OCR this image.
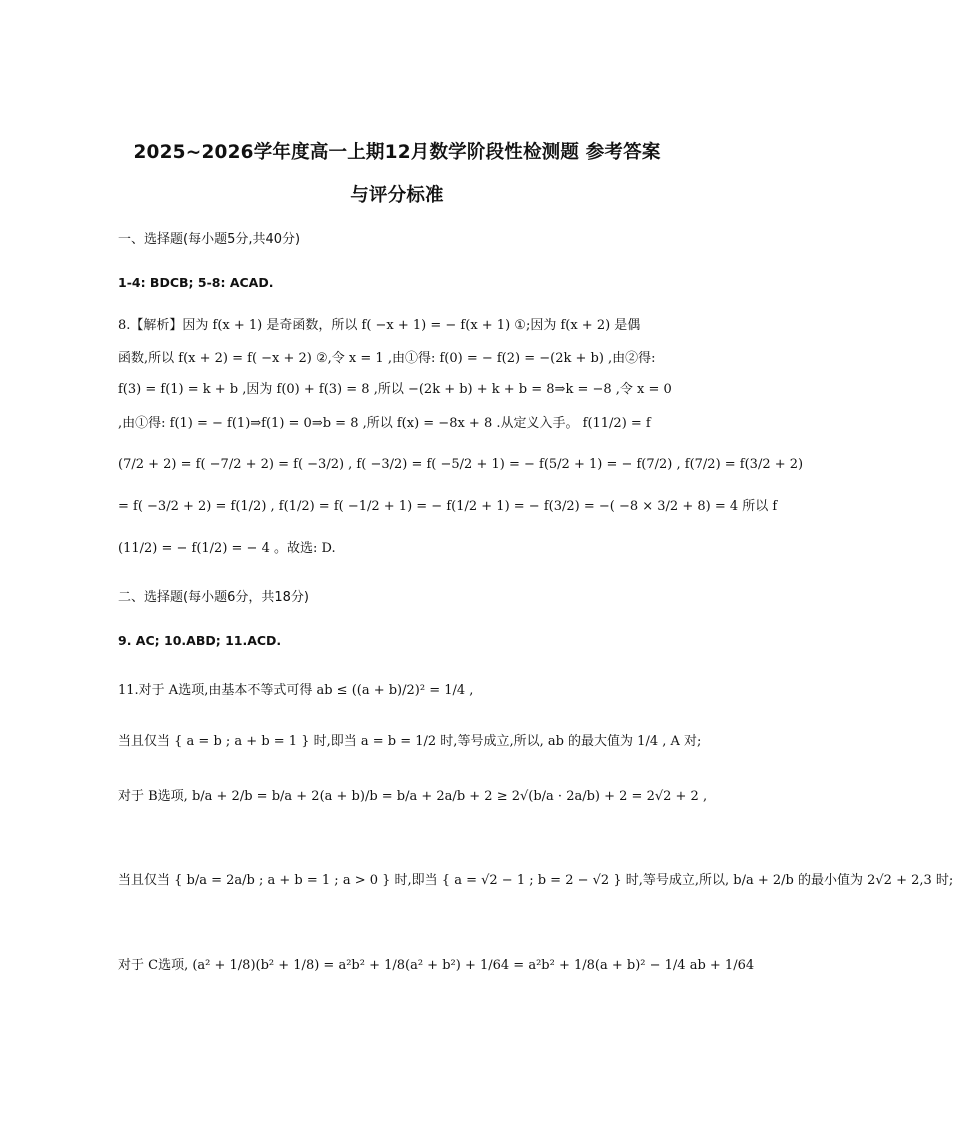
2025~2026学年度高一上期12月数学阶段性检测题 参考答案
与评分标准
一、选择题(每小题5分,共40分)
1-4: BDCB; 5-8: ACAD.
8.【解析】因为 f(x + 1) 是奇函数，所以 f( −x + 1) = − f(x + 1) ①;因为 f(x + 2) 是偶
函数,所以 f(x + 2) = f( −x + 2) ②,令 x = 1 ,由①得: f(0) = − f(2) = −(2k + b) ,由②得:
f(3) = f(1) = k + b ,因为 f(0) + f(3) = 8 ,所以 −(2k + b) + k + b = 8⇒k = −8 ,令 x = 0
,由①得: f(1) = − f(1)⇒f(1) = 0⇒b = 8 ,所以 f(x) = −8x + 8 .从定义入手。 f(11/2) = f
(7/2 + 2) = f( −7/2 + 2) = f( −3/2) , f( −3/2) = f( −5/2 + 1) = − f(5/2 + 1) = − f(7/2) , f(7/2) = f(3/2 + 2)
= f( −3/2 + 2) = f(1/2) , f(1/2) = f( −1/2 + 1) = − f(1/2 + 1) = − f(3/2) = −( −8 × 3/2 + 8) = 4 所以 f
(11/2) = − f(1/2) = − 4 。故选: D.
二、选择题(每小题6分，共18分)
9. AC; 10.ABD; 11.ACD.
11.对于 A选项,由基本不等式可得 ab ≤ ((a + b)/2)² = 1/4 ,
当且仅当 { a = b ; a + b = 1 } 时,即当 a = b = 1/2 时,等号成立,所以, ab 的最大值为 1/4 , A 对;
对于 B选项, b/a + 2/b = b/a + 2(a + b)/b = b/a + 2a/b + 2 ≥ 2√(b/a · 2a/b) + 2 = 2√2 + 2 ,
当且仅当 { b/a = 2a/b ; a + b = 1 ; a > 0 } 时,即当 { a = √2 − 1 ; b = 2 − √2 } 时,等号成立,所以, b/a + 2/b 的最小值为 2√2 + 2,3 时;
对于 C选项, (a² + 1/8)(b² + 1/8) = a²b² + 1/8(a² + b²) + 1/64 = a²b² + 1/8(a + b)² − 1/4 ab + 1/64
